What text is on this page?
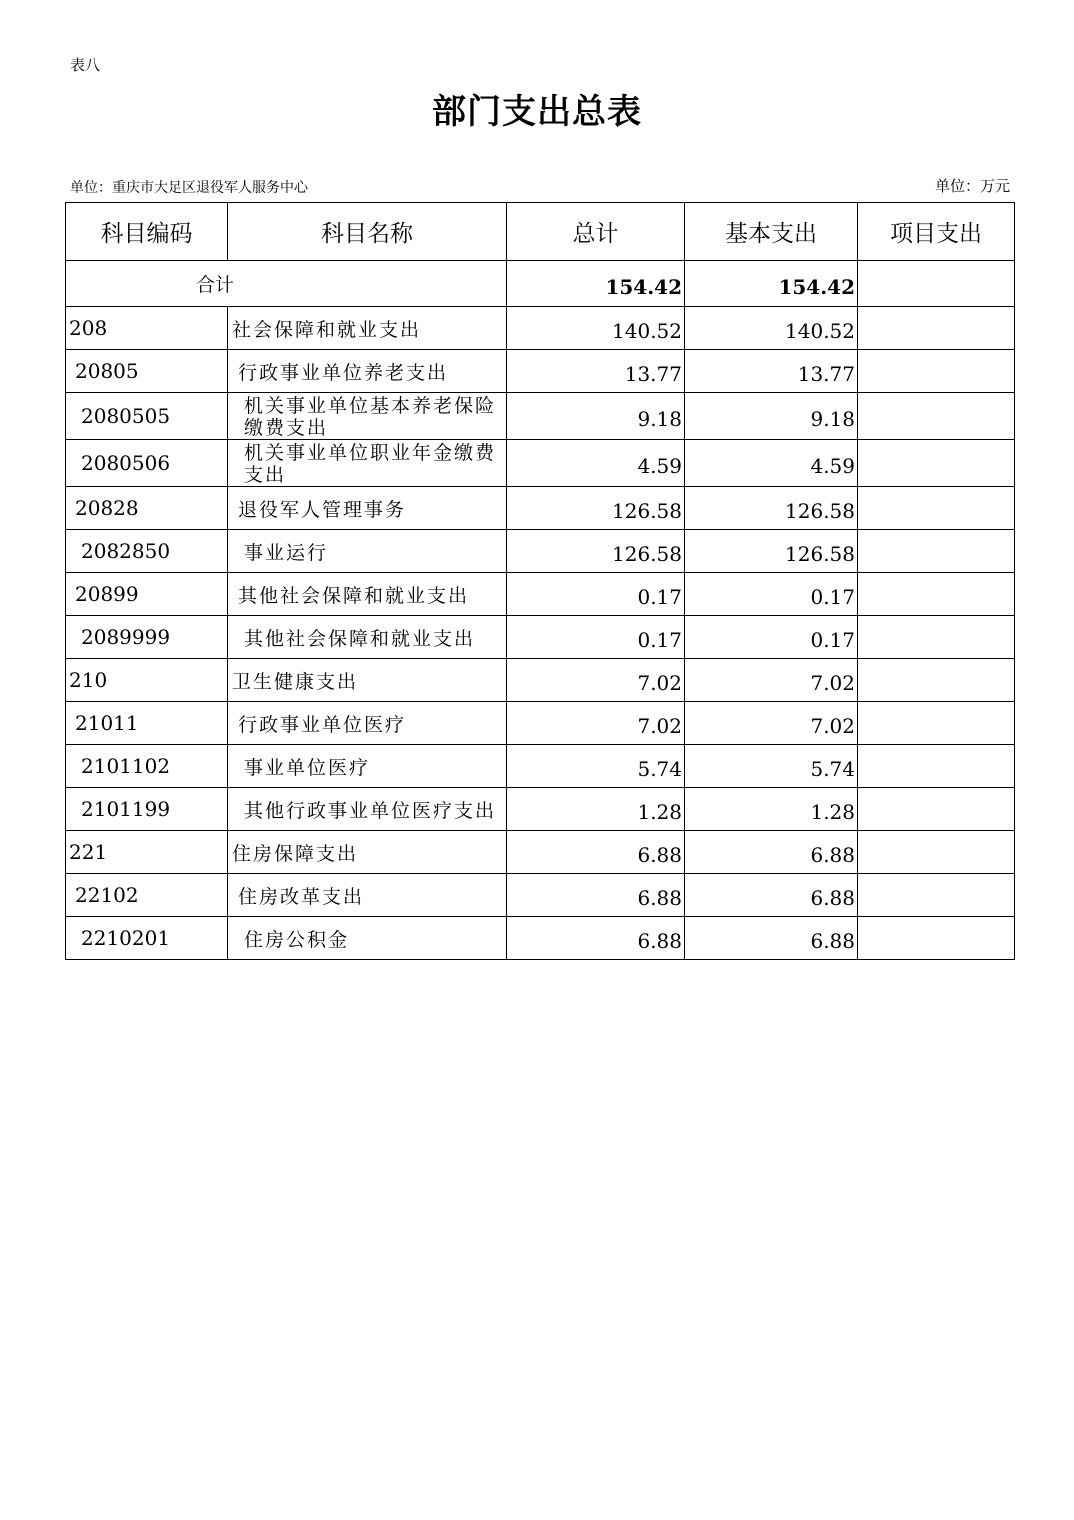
表八
部门支出总表
单位：重庆市大足区退役军人服务中心	单位：万元
科目编码	科目名称	总计	基本支出	项目支出
合计		154.42	154.42	
208	社会保障和就业支出	140.52	140.52	
20805	行政事业单位养老支出	13.77	13.77	
2080505	机关事业单位基本养老保险缴费支出	9.18	9.18	
2080506	机关事业单位职业年金缴费支出	4.59	4.59	
20828	退役军人管理事务	126.58	126.58	
2082850	事业运行	126.58	126.58	
20899	其他社会保障和就业支出	0.17	0.17	
2089999	其他社会保障和就业支出	0.17	0.17	
210	卫生健康支出	7.02	7.02	
21011	行政事业单位医疗	7.02	7.02	
2101102	事业单位医疗	5.74	5.74	
2101199	其他行政事业单位医疗支出	1.28	1.28	
221	住房保障支出	6.88	6.88	
22102	住房改革支出	6.88	6.88	
2210201	住房公积金	6.88	6.88	
